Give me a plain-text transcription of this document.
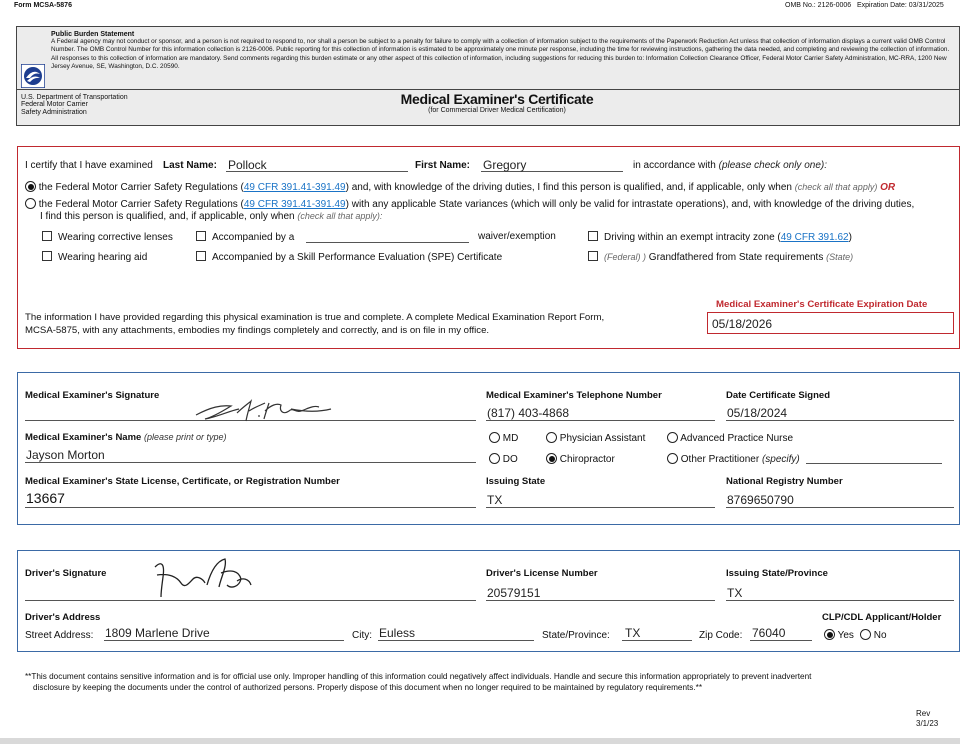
Form MCSA-5876	OMB No.: 2126-0006 Expiration Date: 03/31/2025
Public Burden Statement
A Federal agency may not conduct or sponsor, and a person is not required to respond to, nor shall a person be subject to a penalty for failure to comply with a collection of information subject to the requirements of the Paperwork Reduction Act unless that collection of information displays a current valid OMB Control Number. The OMB Control Number for this information collection is 2126-0006. Public reporting for this collection of information is estimated to be approximately one minute per response, including the time for reviewing instructions, gathering the data needed, and completing and reviewing the collection of information. All responses to this collection of information are mandatory. Send comments regarding this burden estimate or any other aspect of this collection of information, including suggestions for reducing this burden to: Information Collection Clearance Officer, Federal Motor Carrier Safety Administration, MC-RRA, 1200 New Jersey Avenue, SE, Washington, D.C. 20590.
U.S. Department of Transportation
Federal Motor Carrier
Safety Administration
Medical Examiner's Certificate
(for Commercial Driver Medical Certification)
I certify that I have examined Last Name: Pollock	First Name: Gregory	in accordance with (please check only one):
the Federal Motor Carrier Safety Regulations (49 CFR 391.41-391.49) and, with knowledge of the driving duties, I find this person is qualified, and, if applicable, only when (check all that apply) OR
the Federal Motor Carrier Safety Regulations (49 CFR 391.41-391.49) with any applicable State variances (which will only be valid for intrastate operations), and, with knowledge of the driving duties,
I find this person is qualified, and, if applicable, only when (check all that apply):
Wearing corrective lenses	Accompanied by a	waiver/exemption	Driving within an exempt intracity zone (49 CFR 391.62)
Wearing hearing aid	Accompanied by a Skill Performance Evaluation (SPE) Certificate	(Federal) ) Grandfathered from State requirements (State)
The information I have provided regarding this physical examination is true and complete. A complete Medical Examination Report Form,
MCSA-5875, with any attachments, embodies my findings completely and correctly, and is on file in my office.
Medical Examiner's Certificate Expiration Date
05/18/2026
Medical Examiner's Signature	Medical Examiner's Telephone Number
(817) 403-4868
Date Certificate Signed
05/18/2024
Medical Examiner's Name (please print or type)
Jayson Morton
MD	Physician Assistant	Advanced Practice Nurse
DO	Chiropractor	Other Practitioner (specify)
Medical Examiner's State License, Certificate, or Registration Number
13667
Issuing State
TX
National Registry Number
8769650790
Driver's Signature	Driver's License Number
20579151
Issuing State/Province
TX
Driver's Address	CLP/CDL Applicant/Holder
Street Address: 1809 Marlene Drive	City: Euless	State/Province: TX	Zip Code: 76040	Yes	No
**This document contains sensitive information and is for official use only. Improper handling of this information could negatively affect individuals. Handle and secure this information appropriately to prevent inadvertent
disclosure by keeping the documents under the control of authorized persons. Properly dispose of this document when no longer required to be maintained by regulatory requirements.**
Rev
3/1/23
